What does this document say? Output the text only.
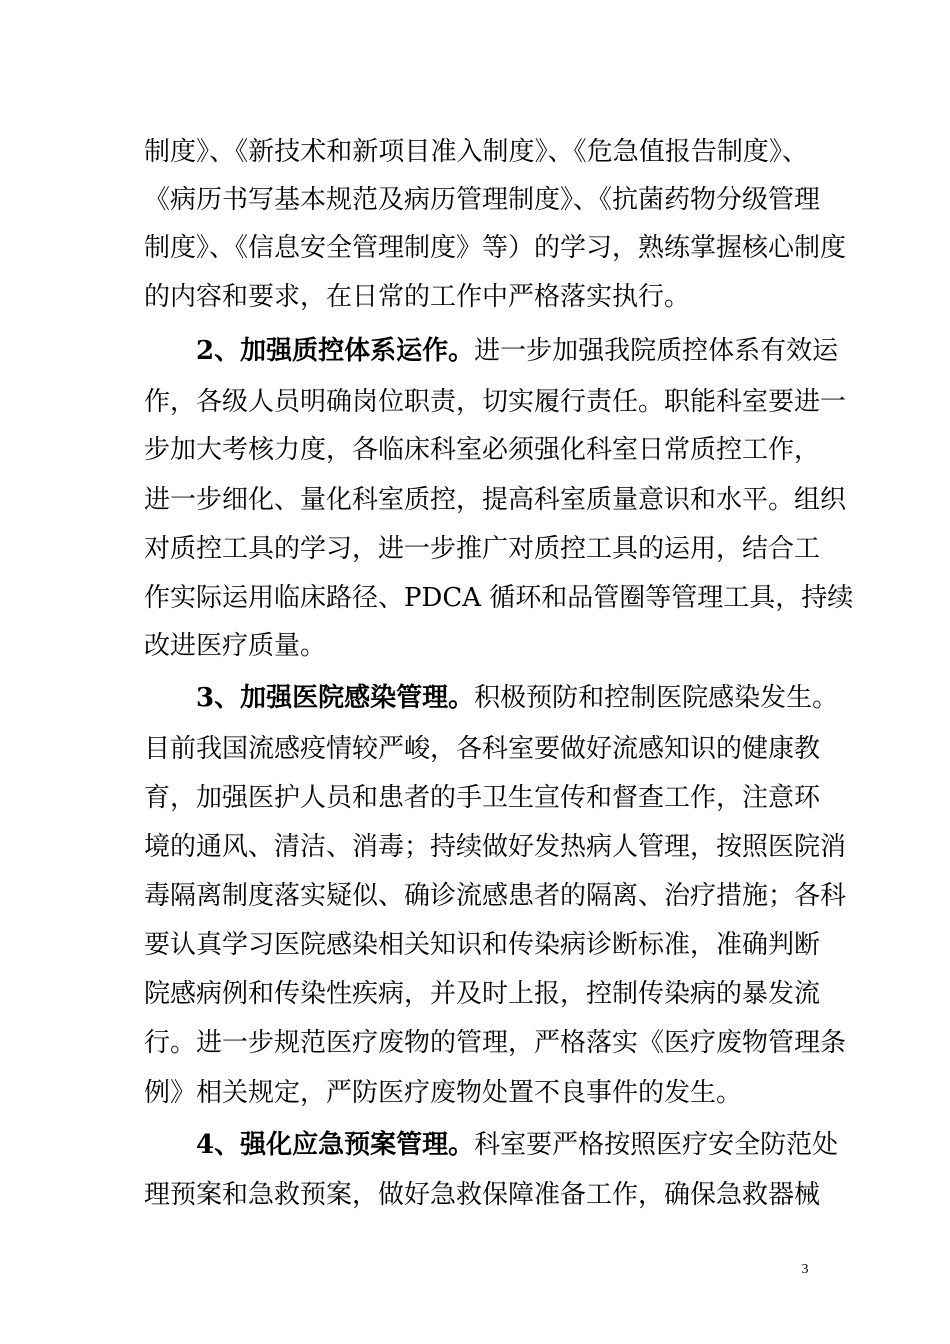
制度》、《新技术和新项目准入制度》、《危急值报告制度》、
《病历书写基本规范及病历管理制度》、《抗菌药物分级管理
制度》、《信息安全管理制度》等）的学习，熟练掌握核心制度
的内容和要求，在日常的工作中严格落实执行。
2、加强质控体系运作。进一步加强我院质控体系有效运
作，各级人员明确岗位职责，切实履行责任。职能科室要进一
步加大考核力度，各临床科室必须强化科室日常质控工作，
进一步细化、量化科室质控，提高科室质量意识和水平。组织
对质控工具的学习，进一步推广对质控工具的运用，结合工
作实际运用临床路径、PDCA 循环和品管圈等管理工具，持续
改进医疗质量。
3、加强医院感染管理。积极预防和控制医院感染发生。
目前我国流感疫情较严峻，各科室要做好流感知识的健康教
育，加强医护人员和患者的手卫生宣传和督查工作，注意环
境的通风、清洁、消毒；持续做好发热病人管理，按照医院消
毒隔离制度落实疑似、确诊流感患者的隔离、治疗措施；各科
要认真学习医院感染相关知识和传染病诊断标准，准确判断
院感病例和传染性疾病，并及时上报，控制传染病的暴发流
行。进一步规范医疗废物的管理，严格落实《医疗废物管理条
例》相关规定，严防医疗废物处置不良事件的发生。
4、强化应急预案管理。科室要严格按照医疗安全防范处
理预案和急救预案，做好急救保障准备工作，确保急救器械
3
